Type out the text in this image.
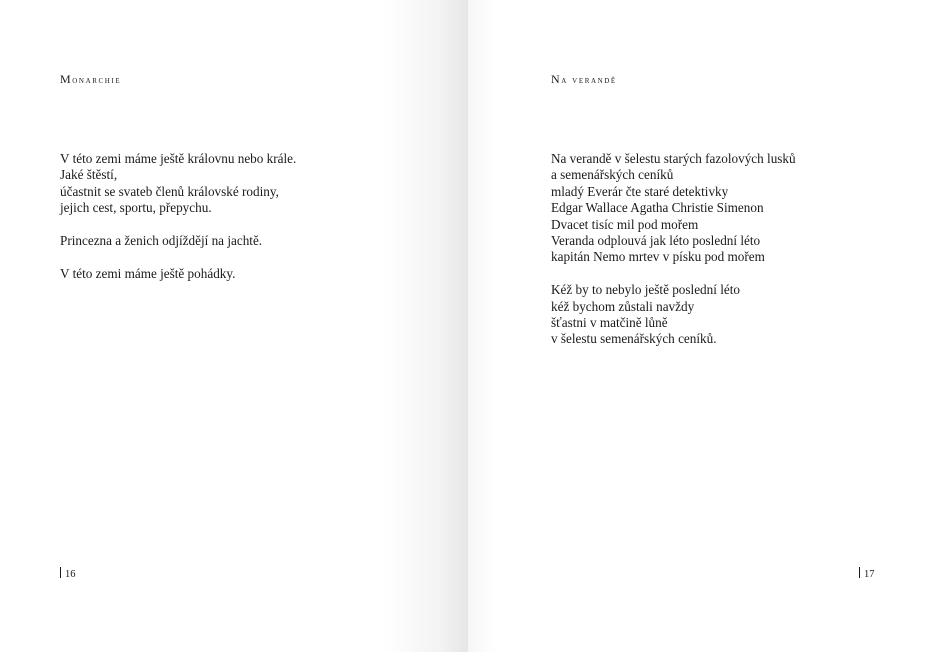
Monarchie

V této zemi máme ještě královnu nebo krále.
Jaké štěstí,
účastnit se svateb členů královské rodiny,
jejich cest, sportu, přepychu.

Princezna a ženich odjíždějí na jachtě.

V této zemi máme ještě pohádky.

16
Na verandě

Na verandě v šelestu starých fazolových lusků
a semenářských ceníků
mladý Everár čte staré detektivky
Edgar Wallace Agatha Christie Simenon
Dvacet tisíc mil pod mořem
Veranda odplouvá jak léto poslední léto
kapitán Nemo mrtev v písku pod mořem

Kéž by to nebylo ještě poslední léto
kéž bychom zůstali navždy
šťastni v matčině lůně
v šelestu semenářských ceníků.

17
